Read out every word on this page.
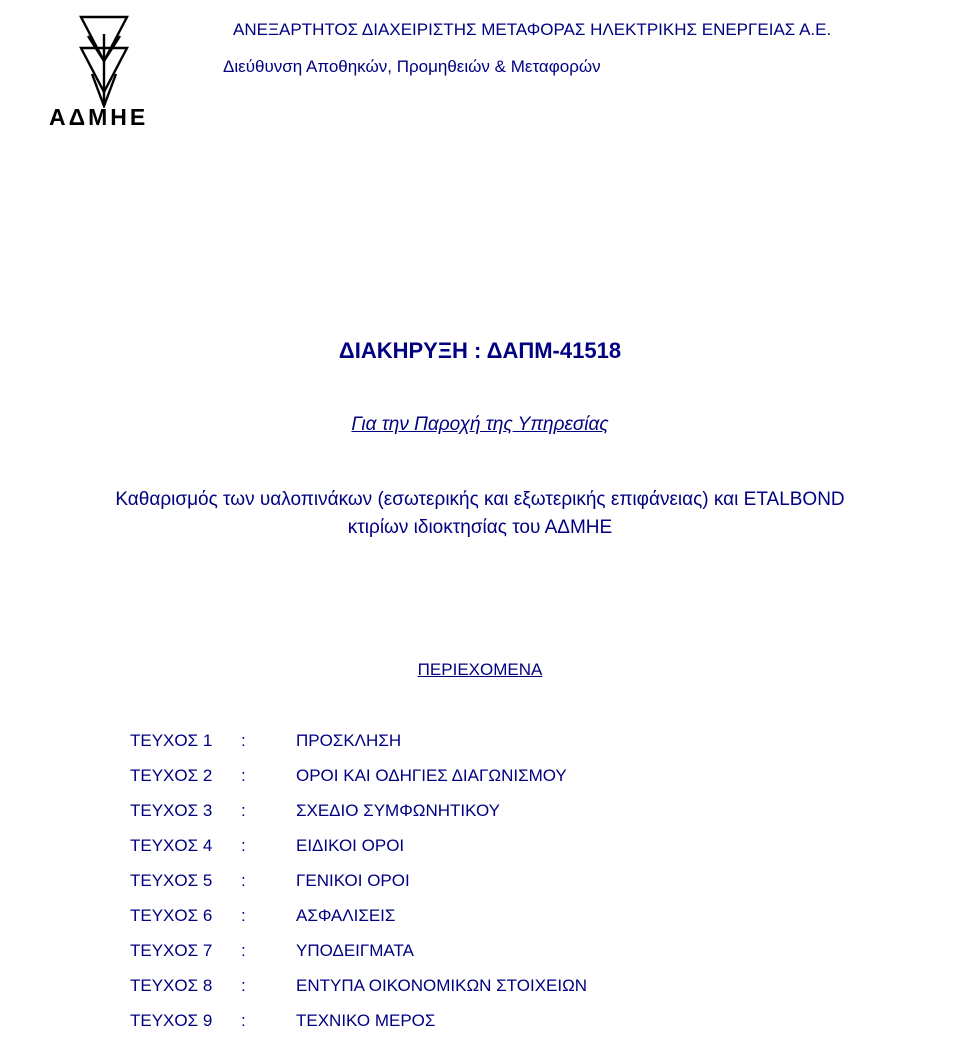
ΑΔΜΗΕ
ΑΝΕΞΑΡΤΗΤΟΣ ΔΙΑΧΕΙΡΙΣΤΗΣ ΜΕΤΑΦΟΡΑΣ ΗΛΕΚΤΡΙΚΗΣ ΕΝΕΡΓΕΙΑΣ Α.Ε.
Διεύθυνση Αποθηκών, Προμηθειών & Μεταφορών
ΔΙΑΚΗΡΥΞΗ : ΔΑΠΜ-41518
Για την Παροχή της Υπηρεσίας
Καθαρισμός των υαλοπινάκων (εσωτερικής και εξωτερικής επιφάνειας) και ETALBOND
κτιρίων ιδιοκτησίας του ΑΔΜΗΕ
ΠΕΡΙΕΧΟΜΕΝΑ
ΤΕΥΧΟΣ 1 :	ΠΡΟΣΚΛΗΣΗ
ΤΕΥΧΟΣ 2 :	ΟΡΟΙ ΚΑΙ ΟΔΗΓΙΕΣ ΔΙΑΓΩΝΙΣΜΟΥ
ΤΕΥΧΟΣ 3 :	ΣΧΕΔΙΟ ΣΥΜΦΩΝΗΤΙΚΟΥ
ΤΕΥΧΟΣ 4 :	ΕΙΔΙΚΟΙ ΟΡΟΙ
ΤΕΥΧΟΣ 5 :	ΓΕΝΙΚΟΙ ΟΡΟΙ
ΤΕΥΧΟΣ 6 :	ΑΣΦΑΛΙΣΕΙΣ
ΤΕΥΧΟΣ 7 :	ΥΠΟΔΕΙΓΜΑΤΑ
ΤΕΥΧΟΣ 8 :	ΕΝΤΥΠΑ ΟΙΚΟΝΟΜΙΚΩΝ ΣΤΟΙΧΕΙΩΝ
ΤΕΥΧΟΣ 9 :	ΤΕΧΝΙΚΟ ΜΕΡΟΣ
